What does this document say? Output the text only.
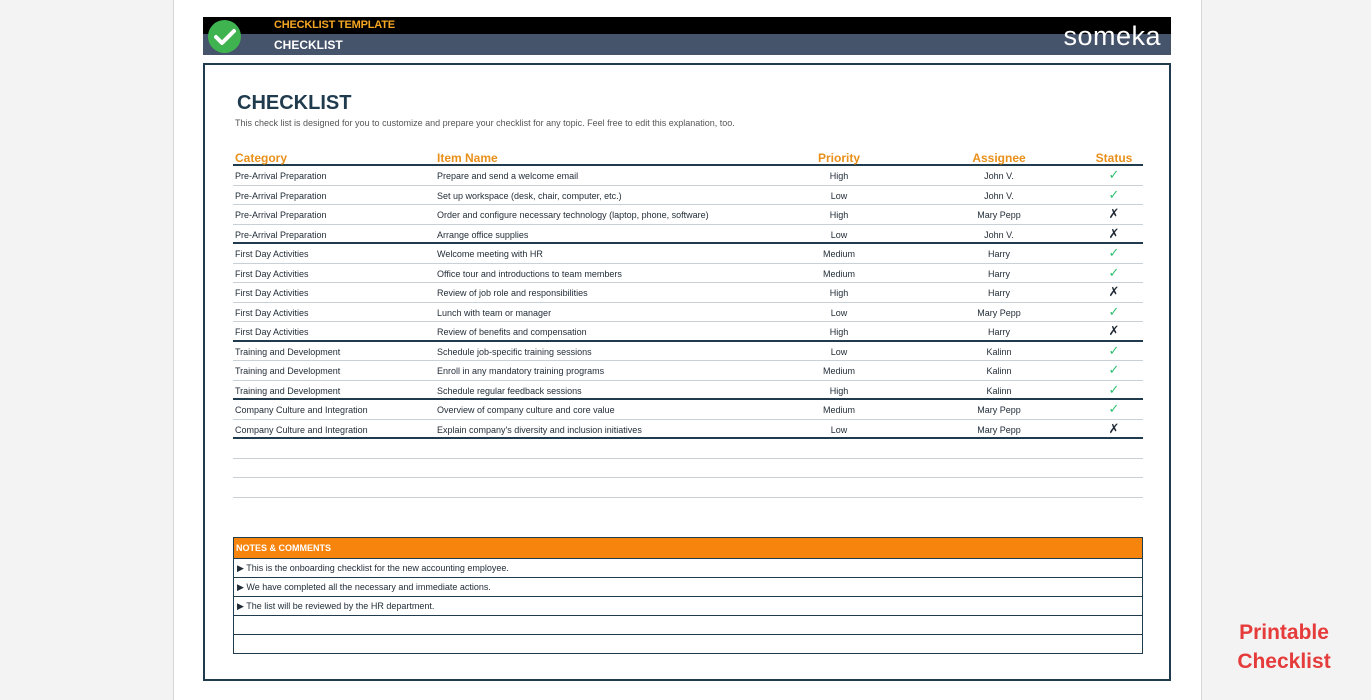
CHECKLIST TEMPLATE
CHECKLIST	someka
CHECKLIST
This check list is designed for you to customize and prepare your checklist for any topic. Feel free to edit this explanation, too.
Category	Item Name	Priority	Assignee	Status
Pre-Arrival Preparation	Prepare and send a welcome email	High	John V.	✓
Pre-Arrival Preparation	Set up workspace (desk, chair, computer, etc.)	Low	John V.	✓
Pre-Arrival Preparation	Order and configure necessary technology (laptop, phone, software)	High	Mary Pepp	✗
Pre-Arrival Preparation	Arrange office supplies	Low	John V.	✗
First Day Activities	Welcome meeting with HR	Medium	Harry	✓
First Day Activities	Office tour and introductions to team members	Medium	Harry	✓
First Day Activities	Review of job role and responsibilities	High	Harry	✗
First Day Activities	Lunch with team or manager	Low	Mary Pepp	✓
First Day Activities	Review of benefits and compensation	High	Harry	✗
Training and Development	Schedule job-specific training sessions	Low	Kalinn	✓
Training and Development	Enroll in any mandatory training programs	Medium	Kalinn	✓
Training and Development	Schedule regular feedback sessions	High	Kalinn	✓
Company Culture and Integration	Overview of company culture and core value	Medium	Mary Pepp	✓
Company Culture and Integration	Explain company's diversity and inclusion initiatives	Low	Mary Pepp	✗
NOTES & COMMENTS
▶ This is the onboarding checklist for the new accounting employee.
▶ We have completed all the necessary and immediate actions.
▶ The list will be reviewed by the HR department.
Printable
Checklist
